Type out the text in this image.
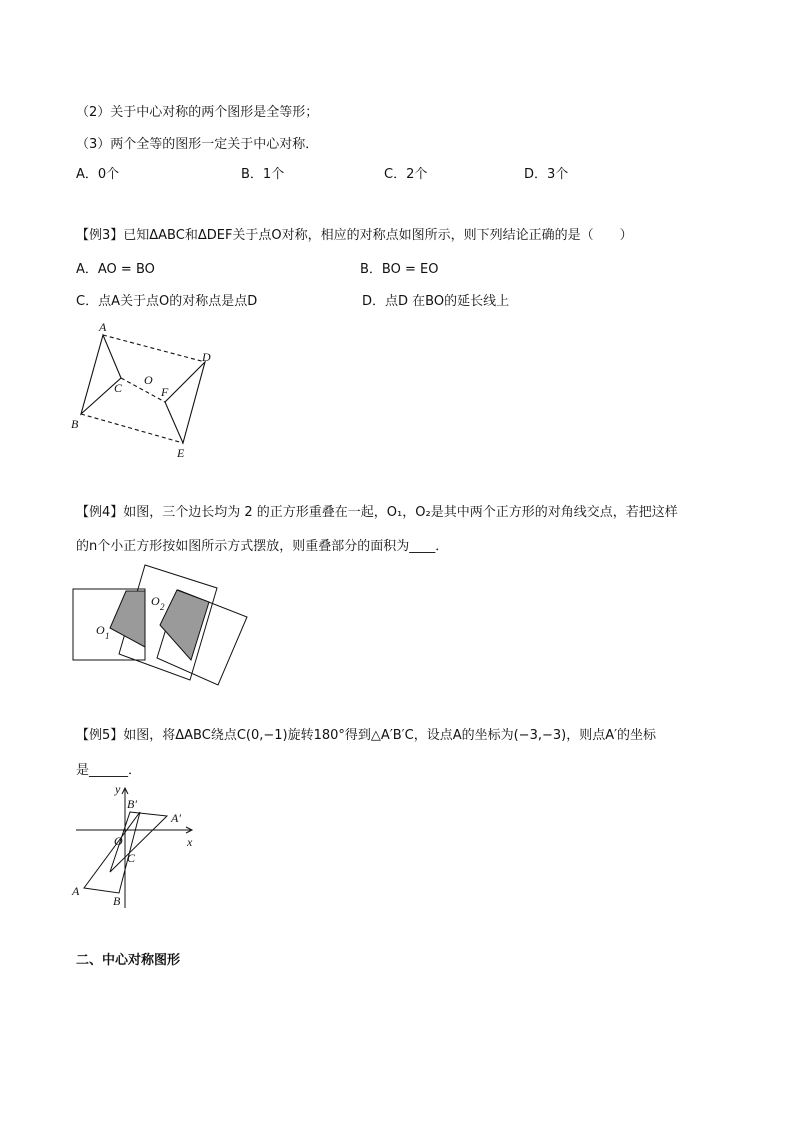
（2）关于中心对称的两个图形是全等形；
（3）两个全等的图形一定关于中心对称．
A．0个	B．1个	C．2个	D．3个
【例3】已知ΔABC和ΔDEF关于点O对称，相应的对称点如图所示，则下列结论正确的是（　　）
A．AO = BO	B．BO = EO
C．点A关于点O的对称点是点D	D．点D 在BO的延长线上
A
B
C
O
F
D
E
【例4】如图，三个边长均为 2 的正方形重叠在一起，O₁，O₂是其中两个正方形的对角线交点，若把这样
的n个小正方形按如图所示方式摆放，则重叠部分的面积为____．
O 1
O 2
【例5】如图，将ΔABC绕点C(0,−1)旋转180°得到△A′B′C，设点A的坐标为(−3,−3)，则点A′的坐标
是______．
y
x
O
C
A
B
A′
B′
二、中心对称图形
